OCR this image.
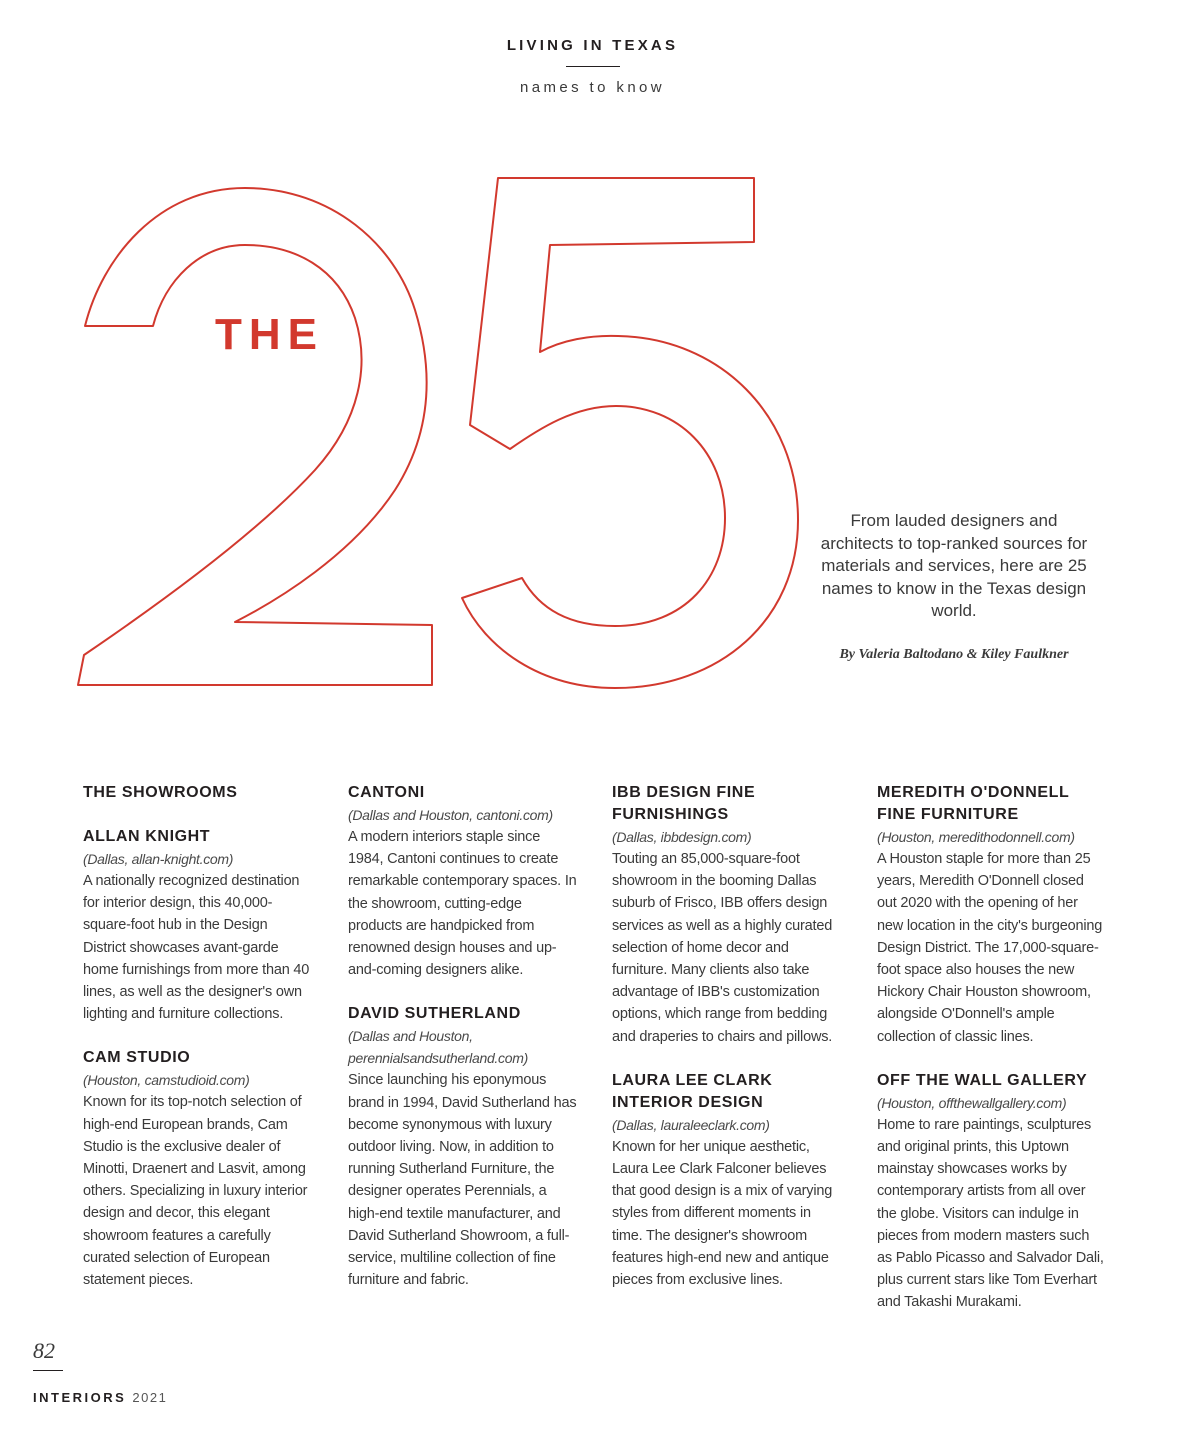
LIVING IN TEXAS
names to know
THE
From lauded designers and architects to top-ranked sources for materials and services, here are 25 names to know in the Texas design world.
By Valeria Baltodano & Kiley Faulkner
THE SHOWROOMS
ALLAN KNIGHT
(Dallas, allan-knight.com)
A nationally recognized destination for interior design, this 40,000-square-foot hub in the Design District showcases avant-garde home furnishings from more than 40 lines, as well as the designer's own lighting and furniture collections.
CAM STUDIO
(Houston, camstudioid.com)
Known for its top-notch selection of high-end European brands, Cam Studio is the exclusive dealer of Minotti, Draenert and Lasvit, among others. Specializing in luxury interior design and decor, this elegant showroom features a carefully curated selection of European statement pieces.
CANTONI
(Dallas and Houston, cantoni.com)
A modern interiors staple since 1984, Cantoni continues to create remarkable contemporary spaces. In the showroom, cutting-edge products are handpicked from renowned design houses and up-and-coming designers alike.
DAVID SUTHERLAND
(Dallas and Houston, perennialsandsutherland.com)
Since launching his eponymous brand in 1994, David Sutherland has become synonymous with luxury outdoor living. Now, in addition to running Sutherland Furniture, the designer operates Perennials, a high-end textile manufacturer, and David Sutherland Showroom, a full-service, multiline collection of fine furniture and fabric.
IBB DESIGN FINE FURNISHINGS
(Dallas, ibbdesign.com)
Touting an 85,000-square-foot showroom in the booming Dallas suburb of Frisco, IBB offers design services as well as a highly curated selection of home decor and furniture. Many clients also take advantage of IBB's customization options, which range from bedding and draperies to chairs and pillows.
LAURA LEE CLARK INTERIOR DESIGN
(Dallas, lauraleeclark.com)
Known for her unique aesthetic, Laura Lee Clark Falconer believes that good design is a mix of varying styles from different moments in time. The designer's showroom features high-end new and antique pieces from exclusive lines.
MEREDITH O'DONNELL FINE FURNITURE
(Houston, meredithodonnell.com)
A Houston staple for more than 25 years, Meredith O'Donnell closed out 2020 with the opening of her new location in the city's burgeoning Design District. The 17,000-square-foot space also houses the new Hickory Chair Houston showroom, alongside O'Donnell's ample collection of classic lines.
OFF THE WALL GALLERY
(Houston, offthewallgallery.com)
Home to rare paintings, sculptures and original prints, this Uptown mainstay showcases works by contemporary artists from all over the globe. Visitors can indulge in pieces from modern masters such as Pablo Picasso and Salvador Dali, plus current stars like Tom Everhart and Takashi Murakami.
82
INTERIORS 2021
